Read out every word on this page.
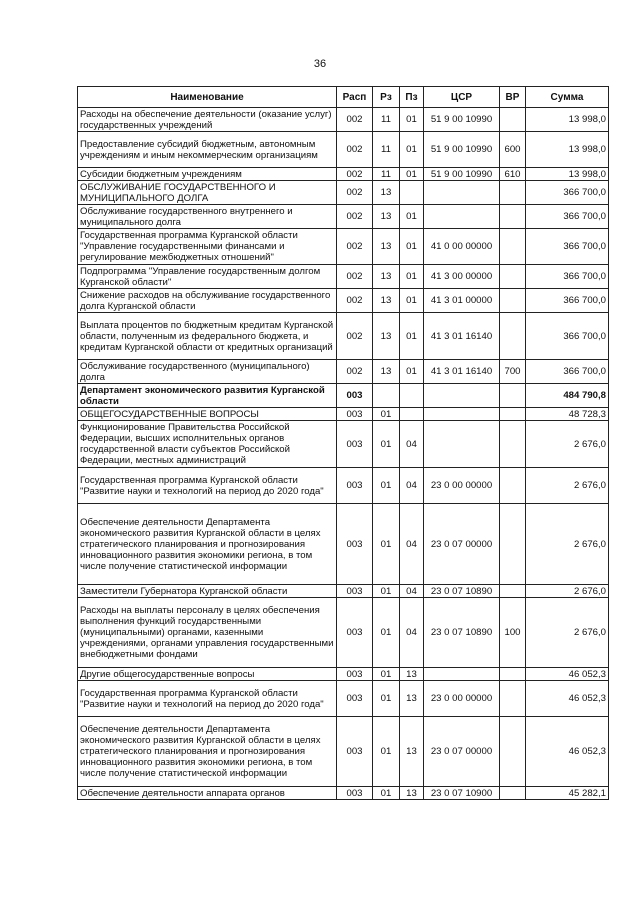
36
Наименование	Расп	Рз	Пз	ЦСР	ВР	Сумма
Расходы на обеспечение деятельности (оказание услуг) государственных учреждений	002	11	01	51 9 00 10990		13 998,0
Предоставление субсидий бюджетным, автономным учреждениям и иным некоммерческим организациям	002	11	01	51 9 00 10990	600	13 998,0
Субсидии бюджетным учреждениям	002	11	01	51 9 00 10990	610	13 998,0
ОБСЛУЖИВАНИЕ ГОСУДАРСТВЕННОГО И МУНИЦИПАЛЬНОГО ДОЛГА	002	13				366 700,0
Обслуживание государственного внутреннего и муниципального долга	002	13	01			366 700,0
Государственная программа Курганской области "Управление государственными финансами и регулирование межбюджетных отношений"	002	13	01	41 0 00 00000		366 700,0
Подпрограмма "Управление государственным долгом Курганской области"	002	13	01	41 3 00 00000		366 700,0
Снижение расходов на обслуживание государственного долга Курганской области	002	13	01	41 3 01 00000		366 700,0
Выплата процентов по бюджетным кредитам Курганской области, полученным из федерального бюджета, и кредитам Курганской области от кредитных организаций	002	13	01	41 3 01 16140		366 700,0
Обслуживание государственного (муниципального) долга	002	13	01	41 3 01 16140	700	366 700,0
Департамент экономического развития Курганской области	003					484 790,8
ОБЩЕГОСУДАРСТВЕННЫЕ ВОПРОСЫ	003	01				48 728,3
Функционирование Правительства Российской Федерации, высших исполнительных органов государственной власти субъектов Российской Федерации, местных администраций	003	01	04			2 676,0
Государственная программа Курганской области "Развитие науки и технологий на период до 2020 года"	003	01	04	23 0 00 00000		2 676,0
Обеспечение деятельности Департамента экономического развития Курганской области в целях стратегического планирования и прогнозирования инновационного развития экономики региона, в том числе получение статистической информации	003	01	04	23 0 07 00000		2 676,0
Заместители Губернатора Курганской области	003	01	04	23 0 07 10890		2 676,0
Расходы на выплаты персоналу в целях обеспечения выполнения функций государственными (муниципальными) органами, казенными учреждениями, органами управления государственными внебюджетными фондами	003	01	04	23 0 07 10890	100	2 676,0
Другие общегосударственные вопросы	003	01	13			46 052,3
Государственная программа Курганской области "Развитие науки и технологий на период до 2020 года"	003	01	13	23 0 00 00000		46 052,3
Обеспечение деятельности Департамента экономического развития Курганской области в целях стратегического планирования и прогнозирования инновационного развития экономики региона, в том числе получение статистической информации	003	01	13	23 0 07 00000		46 052,3
Обеспечение деятельности аппарата органов	003	01	13	23 0 07 10900		45 282,1
